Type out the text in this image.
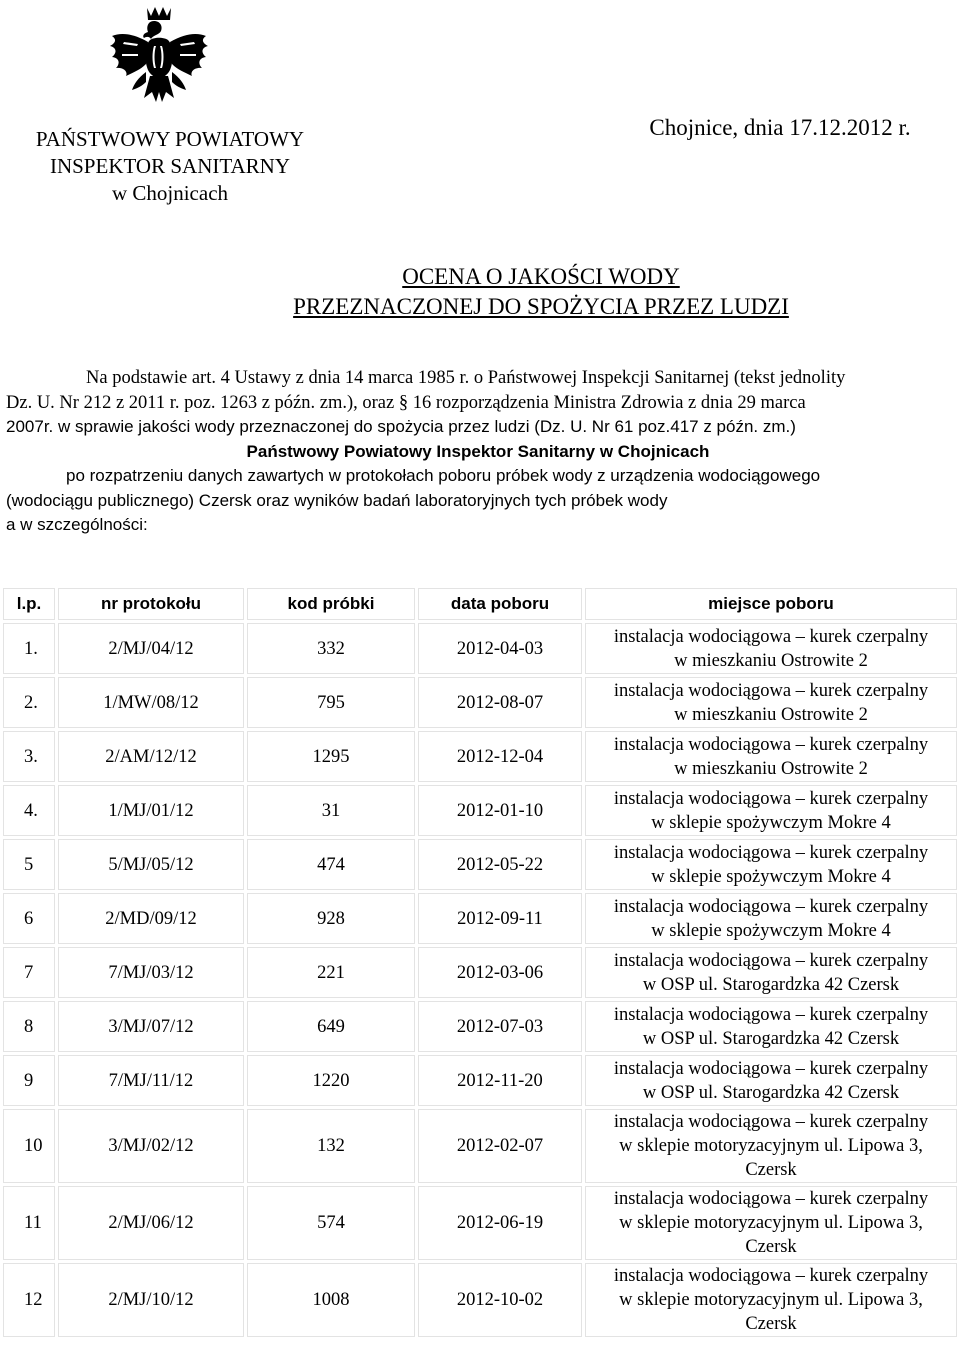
PAŃSTWOWY POWIATOWY
INSPEKTOR SANITARNY
w Chojnicach
Chojnice, dnia 17.12.2012 r.
OCENA O JAKOŚCI WODY
PRZEZNACZONEJ DO SPOŻYCIA PRZEZ LUDZI
Na podstawie art. 4 Ustawy z dnia 14 marca 1985 r. o Państwowej Inspekcji Sanitarnej (tekst jednolity
Dz. U. Nr 212 z 2011 r. poz. 1263 z późn. zm.), oraz § 16 rozporządzenia Ministra Zdrowia z dnia 29 marca
2007r. w sprawie jakości wody przeznaczonej do spożycia przez ludzi (Dz. U. Nr 61 poz.417 z późn. zm.)
Państwowy Powiatowy Inspektor Sanitarny w Chojnicach
po rozpatrzeniu danych zawartych w protokołach poboru próbek wody z urządzenia wodociągowego
(wodociągu publicznego) Czersk oraz wyników badań laboratoryjnych tych próbek wody
a w szczególności:
l.p.	nr protokołu	kod próbki	data poboru	miejsce poboru
1.	2/MJ/04/12	332	2012-04-03	instalacja wodociągowa – kurek czerpalny
w mieszkaniu Ostrowite 2

2.	1/MW/08/12	795	2012-08-07	instalacja wodociągowa – kurek czerpalny
w mieszkaniu Ostrowite 2

3.	2/AM/12/12	1295	2012-12-04	instalacja wodociągowa – kurek czerpalny
w mieszkaniu Ostrowite 2

4.	1/MJ/01/12	31	2012-01-10	instalacja wodociągowa – kurek czerpalny
w sklepie spożywczym Mokre 4

5	5/MJ/05/12	474	2012-05-22	instalacja wodociągowa – kurek czerpalny
w sklepie spożywczym Mokre 4

6	2/MD/09/12	928	2012-09-11	instalacja wodociągowa – kurek czerpalny
w sklepie spożywczym Mokre 4

7	7/MJ/03/12	221	2012-03-06	instalacja wodociągowa – kurek czerpalny
w OSP ul. Starogardzka 42 Czersk

8	3/MJ/07/12	649	2012-07-03	instalacja wodociągowa – kurek czerpalny
w OSP ul. Starogardzka 42 Czersk

9	7/MJ/11/12	1220	2012-11-20	instalacja wodociągowa – kurek czerpalny
w OSP ul. Starogardzka 42 Czersk

10	3/MJ/02/12	132	2012-02-07	instalacja wodociągowa – kurek czerpalny
w sklepie motoryzacyjnym ul. Lipowa 3,
Czersk

11	2/MJ/06/12	574	2012-06-19	instalacja wodociągowa – kurek czerpalny
w sklepie motoryzacyjnym ul. Lipowa 3,
Czersk

12	2/MJ/10/12	1008	2012-10-02	instalacja wodociągowa – kurek czerpalny
w sklepie motoryzacyjnym ul. Lipowa 3,
Czersk
